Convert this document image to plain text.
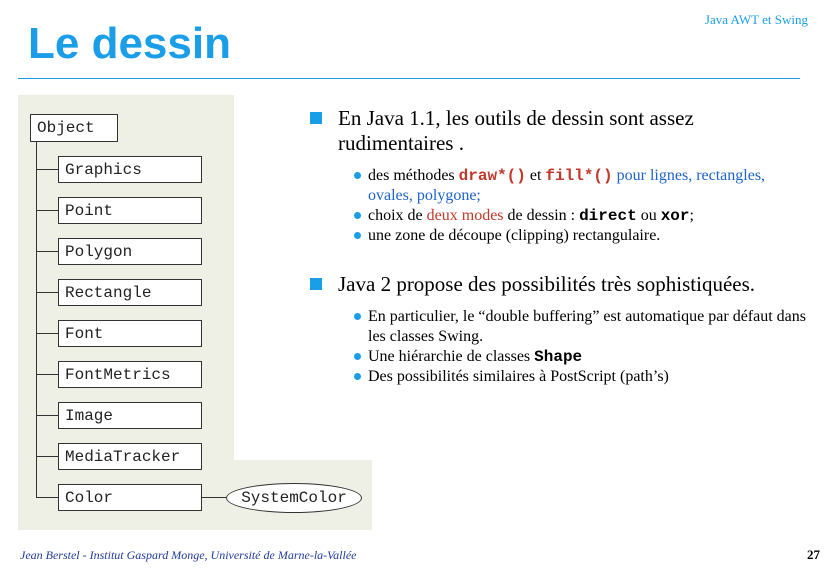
Le dessin	Java AWT et Swing
Object
Graphics
Point
Polygon
Rectangle
Font
FontMetrics
Image
MediaTracker
Color	SystemColor
En Java 1.1, les outils de dessin sont assez rudimentaires .
des méthodes draw*() et fill*() pour lignes, rectangles, ovales, polygone;
choix de deux modes de dessin : direct ou xor;
une zone de découpe (clipping) rectangulaire.
Java 2 propose des possibilités très sophistiquées.
En particulier, le “double buffering” est automatique par défaut dans les classes Swing.
Une hiérarchie de classes Shape
Des possibilités similaires à PostScript (path’s)
Jean Berstel - Institut Gaspard Monge, Université de Marne-la-Vallée	27
